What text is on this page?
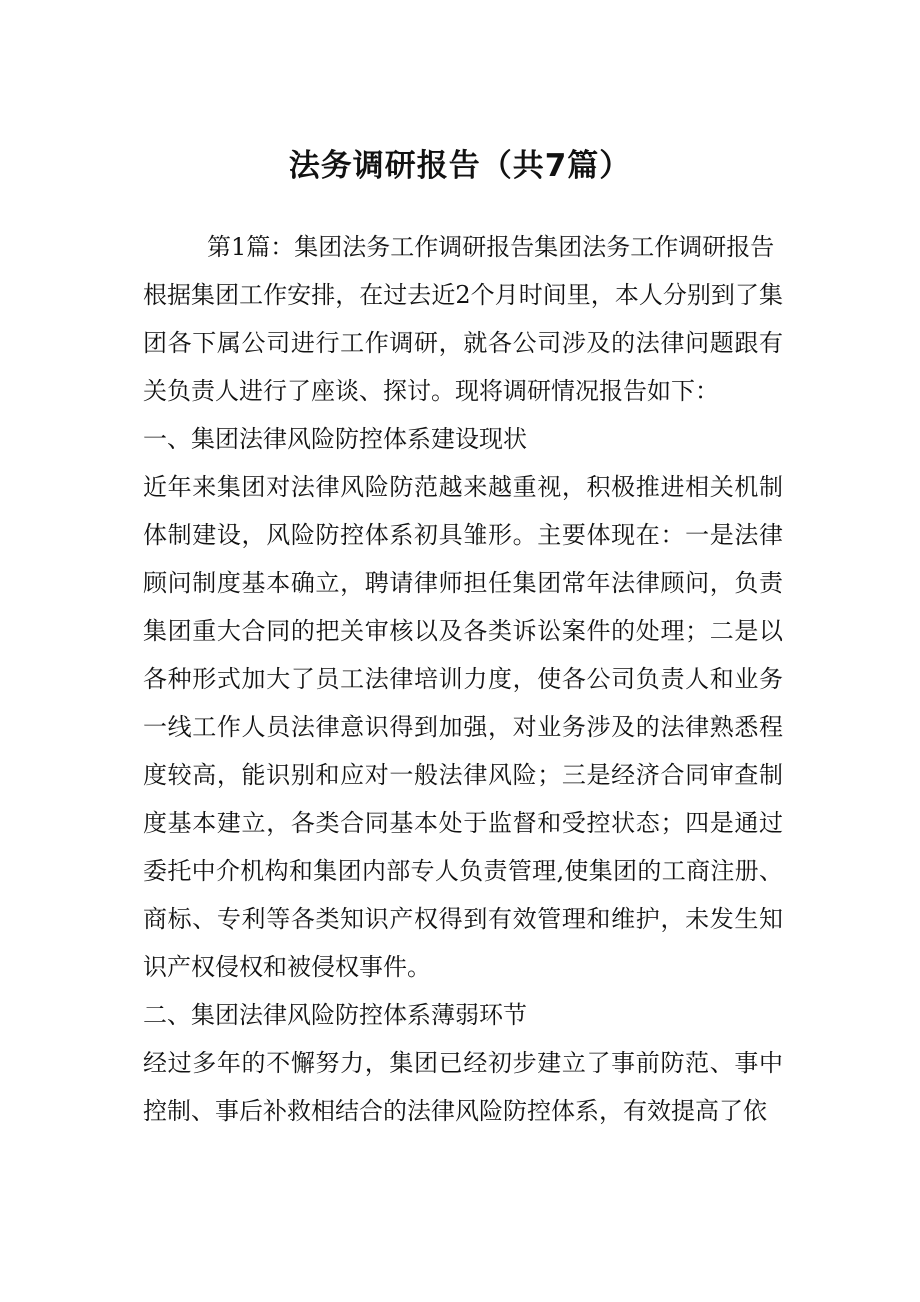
法务调研报告（共7篇）

第1篇：集团法务工作调研报告集团法务工作调研报告

根据集团工作安排，在过去近2个月时间里，本人分别到了集团各下属公司进行工作调研，就各公司涉及的法律问题跟有关负责人进行了座谈、探讨。现将调研情况报告如下：

一、集团法律风险防控体系建设现状

近年来集团对法律风险防范越来越重视，积极推进相关机制体制建设，风险防控体系初具雏形。主要体现在：一是法律顾问制度基本确立，聘请律师担任集团常年法律顾问，负责集团重大合同的把关审核以及各类诉讼案件的处理；二是以各种形式加大了员工法律培训力度，使各公司负责人和业务一线工作人员法律意识得到加强，对业务涉及的法律熟悉程度较高，能识别和应对一般法律风险；三是经济合同审查制度基本建立，各类合同基本处于监督和受控状态；四是通过委托中介机构和集团内部专人负责管理,使集团的工商注册、商标、专利等各类知识产权得到有效管理和维护，未发生知识产权侵权和被侵权事件。

二、集团法律风险防控体系薄弱环节

经过多年的不懈努力，集团已经初步建立了事前防范、事中控制、事后补救相结合的法律风险防控体系，有效提高了依
